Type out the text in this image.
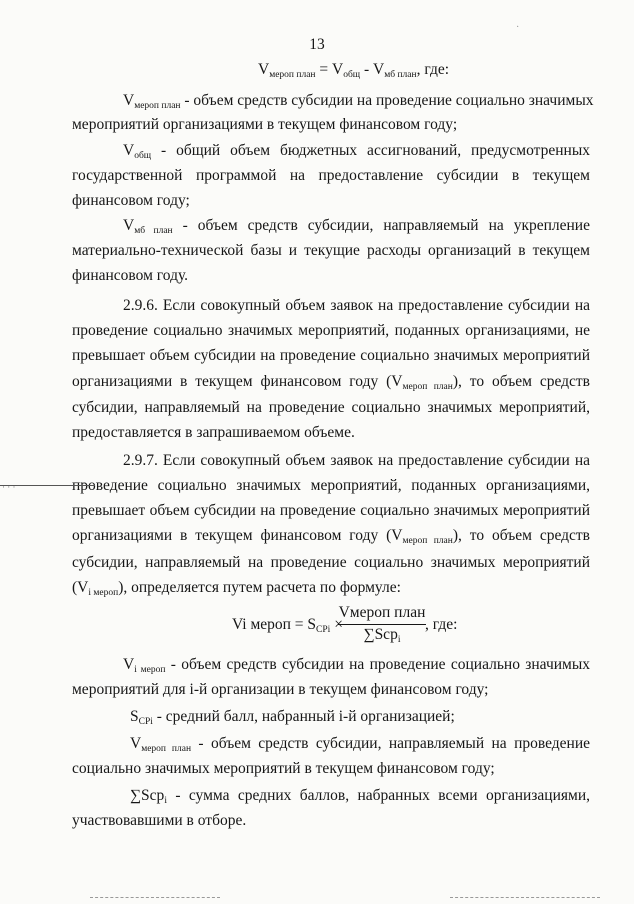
·
13
$V_{мероп план} = V_{общ} - V_{мб план}$, где:
$V_{мероп план}$ - объем средств субсидии на проведение социально значимых
мероприятий организациями в текущем финансовом году;
$V_{общ}$ - общий объем бюджетных ассигнований, предусмотренных
государственной программой на предоставление субсидии в текущем
финансовом году;
$V_{мб план}$ - объем средств субсидии, направляемый на укрепление
материально-технической базы и текущие расходы организаций в текущем
финансовом году.
2.9.6. Если совокупный объем заявок на предоставление субсидии на
проведение социально значимых мероприятий, поданных организациями, не
превышает объем субсидии на проведение социально значимых мероприятий
организациями в текущем финансовом году $(V_{мероп план})$, то объем средств
субсидии, направляемый на проведение социально значимых мероприятий,
предоставляется в запрашиваемом объеме.
2.9.7. Если совокупный объем заявок на предоставление субсидии на
проведение социально значимых мероприятий, поданных организациями,
превышает объем субсидии на проведение социально значимых мероприятий
организациями в текущем финансовом году $(V_{мероп план})$, то объем средств
субсидии, направляемый на проведение социально значимых мероприятий
$(V_{i мероп})$, определяется путем расчета по формуле:
Vi мероп = $S_{CPi}$ ×
Vмероп план
∑Scp$_i$
, где:
$V_{i мероп}$ - объем средств субсидии на проведение социально значимых
мероприятий для i-й организации в текущем финансовом году;
$S_{CPi}$ - средний балл, набранный i-й организацией;
$V_{мероп план}$ - объем средств субсидии, направляемый на проведение
социально значимых мероприятий в текущем финансовом году;
∑Scp$_i$ - сумма средних баллов, набранных всеми организациями,
участвовавшими в отборе.
· · ·
